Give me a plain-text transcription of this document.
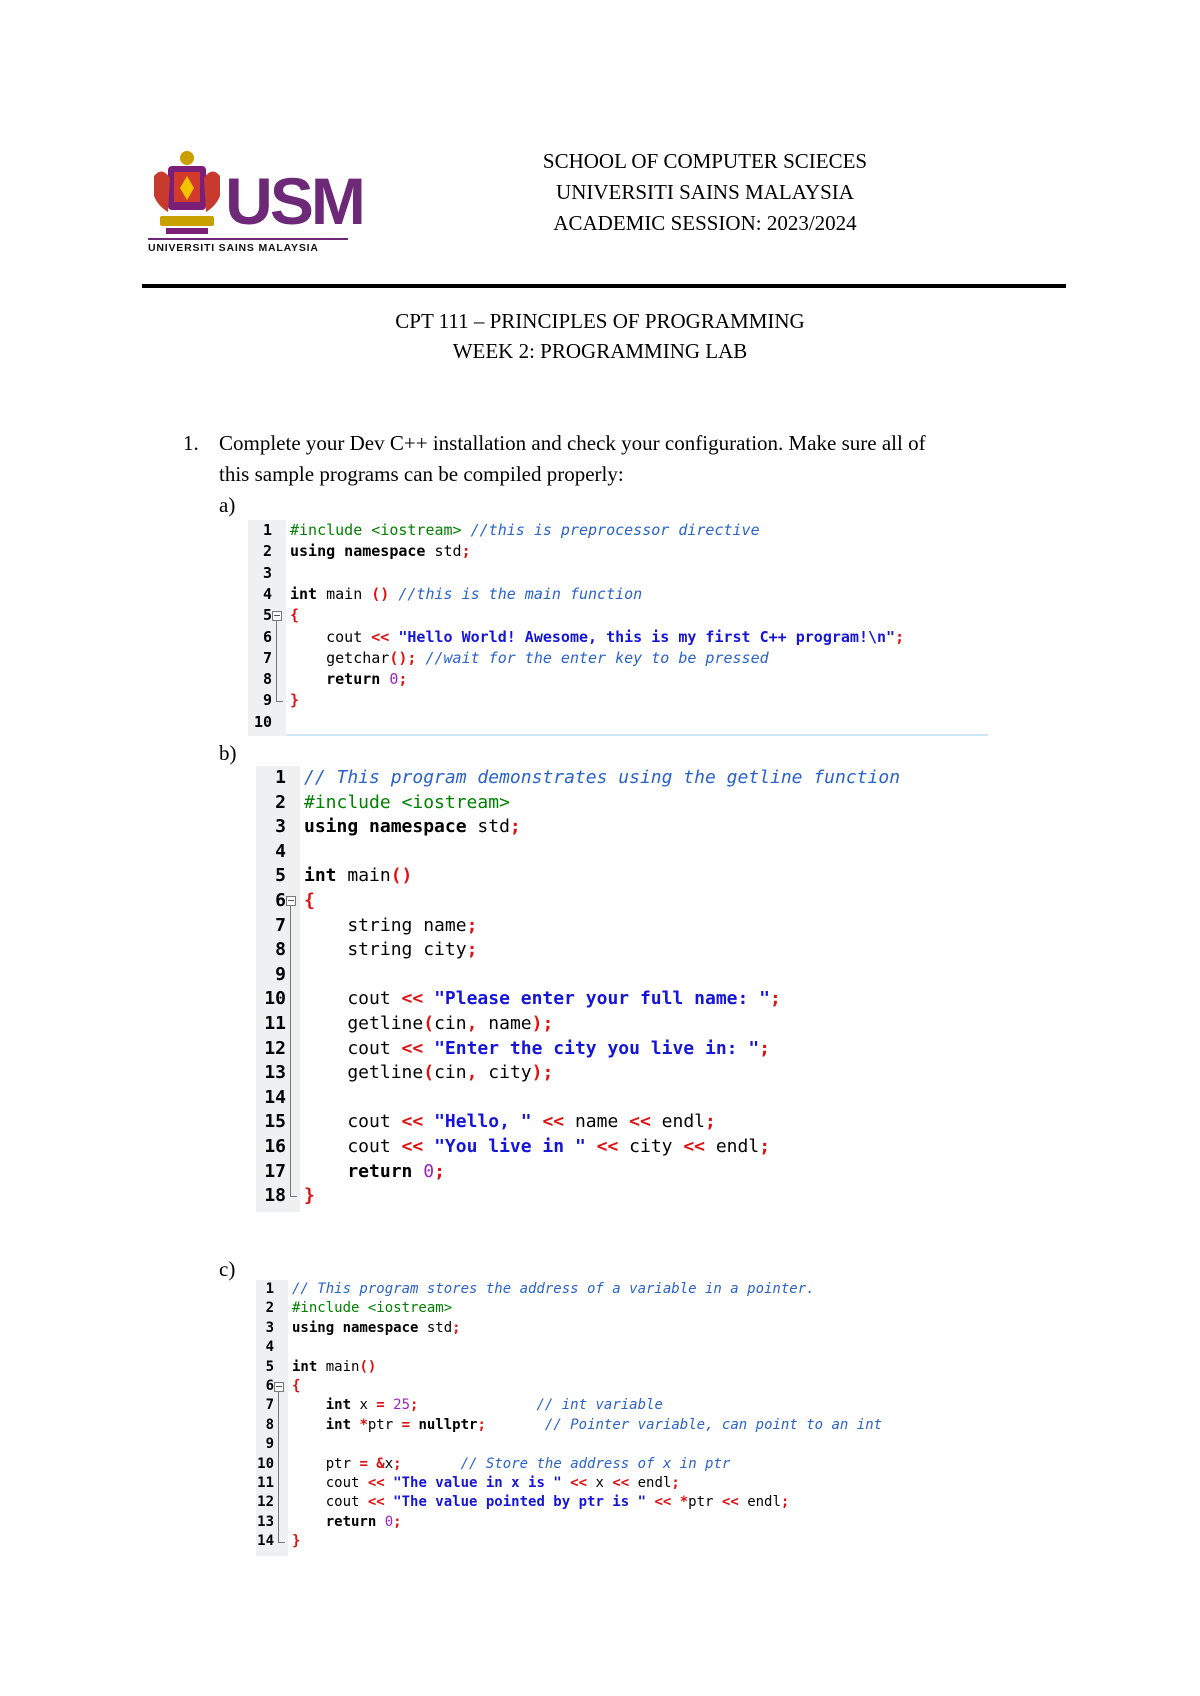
USM
UNIVERSITI SAINS MALAYSIA
SCHOOL OF COMPUTER SCIECES
UNIVERSITI SAINS MALAYSIA
ACADEMIC SESSION: 2023/2024
CPT 111 – PRINCIPLES OF PROGRAMMING
WEEK 2: PROGRAMMING LAB
1. Complete your Dev C++ installation and check your configuration. Make sure all of
this sample programs can be compiled properly:
a)
b)
c)
1
2
3
4
5
6
7
8
9
10
#include <iostream> //this is preprocessor directive
using namespace std;
int main () //this is the main function
{
cout << "Hello World! Awesome, this is my first C++ program!\n";
getchar(); //wait for the enter key to be pressed
return 0;
}
1
2
3
4
5
6
7
8
9
10
11
12
13
14
15
16
17
18
// This program demonstrates using the getline function
#include <iostream>
using namespace std;
int main()
{
string name;
string city;
cout << "Please enter your full name: ";
getline(cin, name);
cout << "Enter the city you live in: ";
getline(cin, city);
cout << "Hello, " << name << endl;
cout << "You live in " << city << endl;
return 0;
}
1
2
3
4
5
6
7
8
9
10
11
12
13
14
// This program stores the address of a variable in a pointer.
#include <iostream>
using namespace std;
int main()
{
int x = 25;	// int variable
int *ptr = nullptr;	// Pointer variable, can point to an int
ptr = &x;	// Store the address of x in ptr
cout << "The value in x is " << x << endl;
cout << "The value pointed by ptr is " << *ptr << endl;
return 0;
}
